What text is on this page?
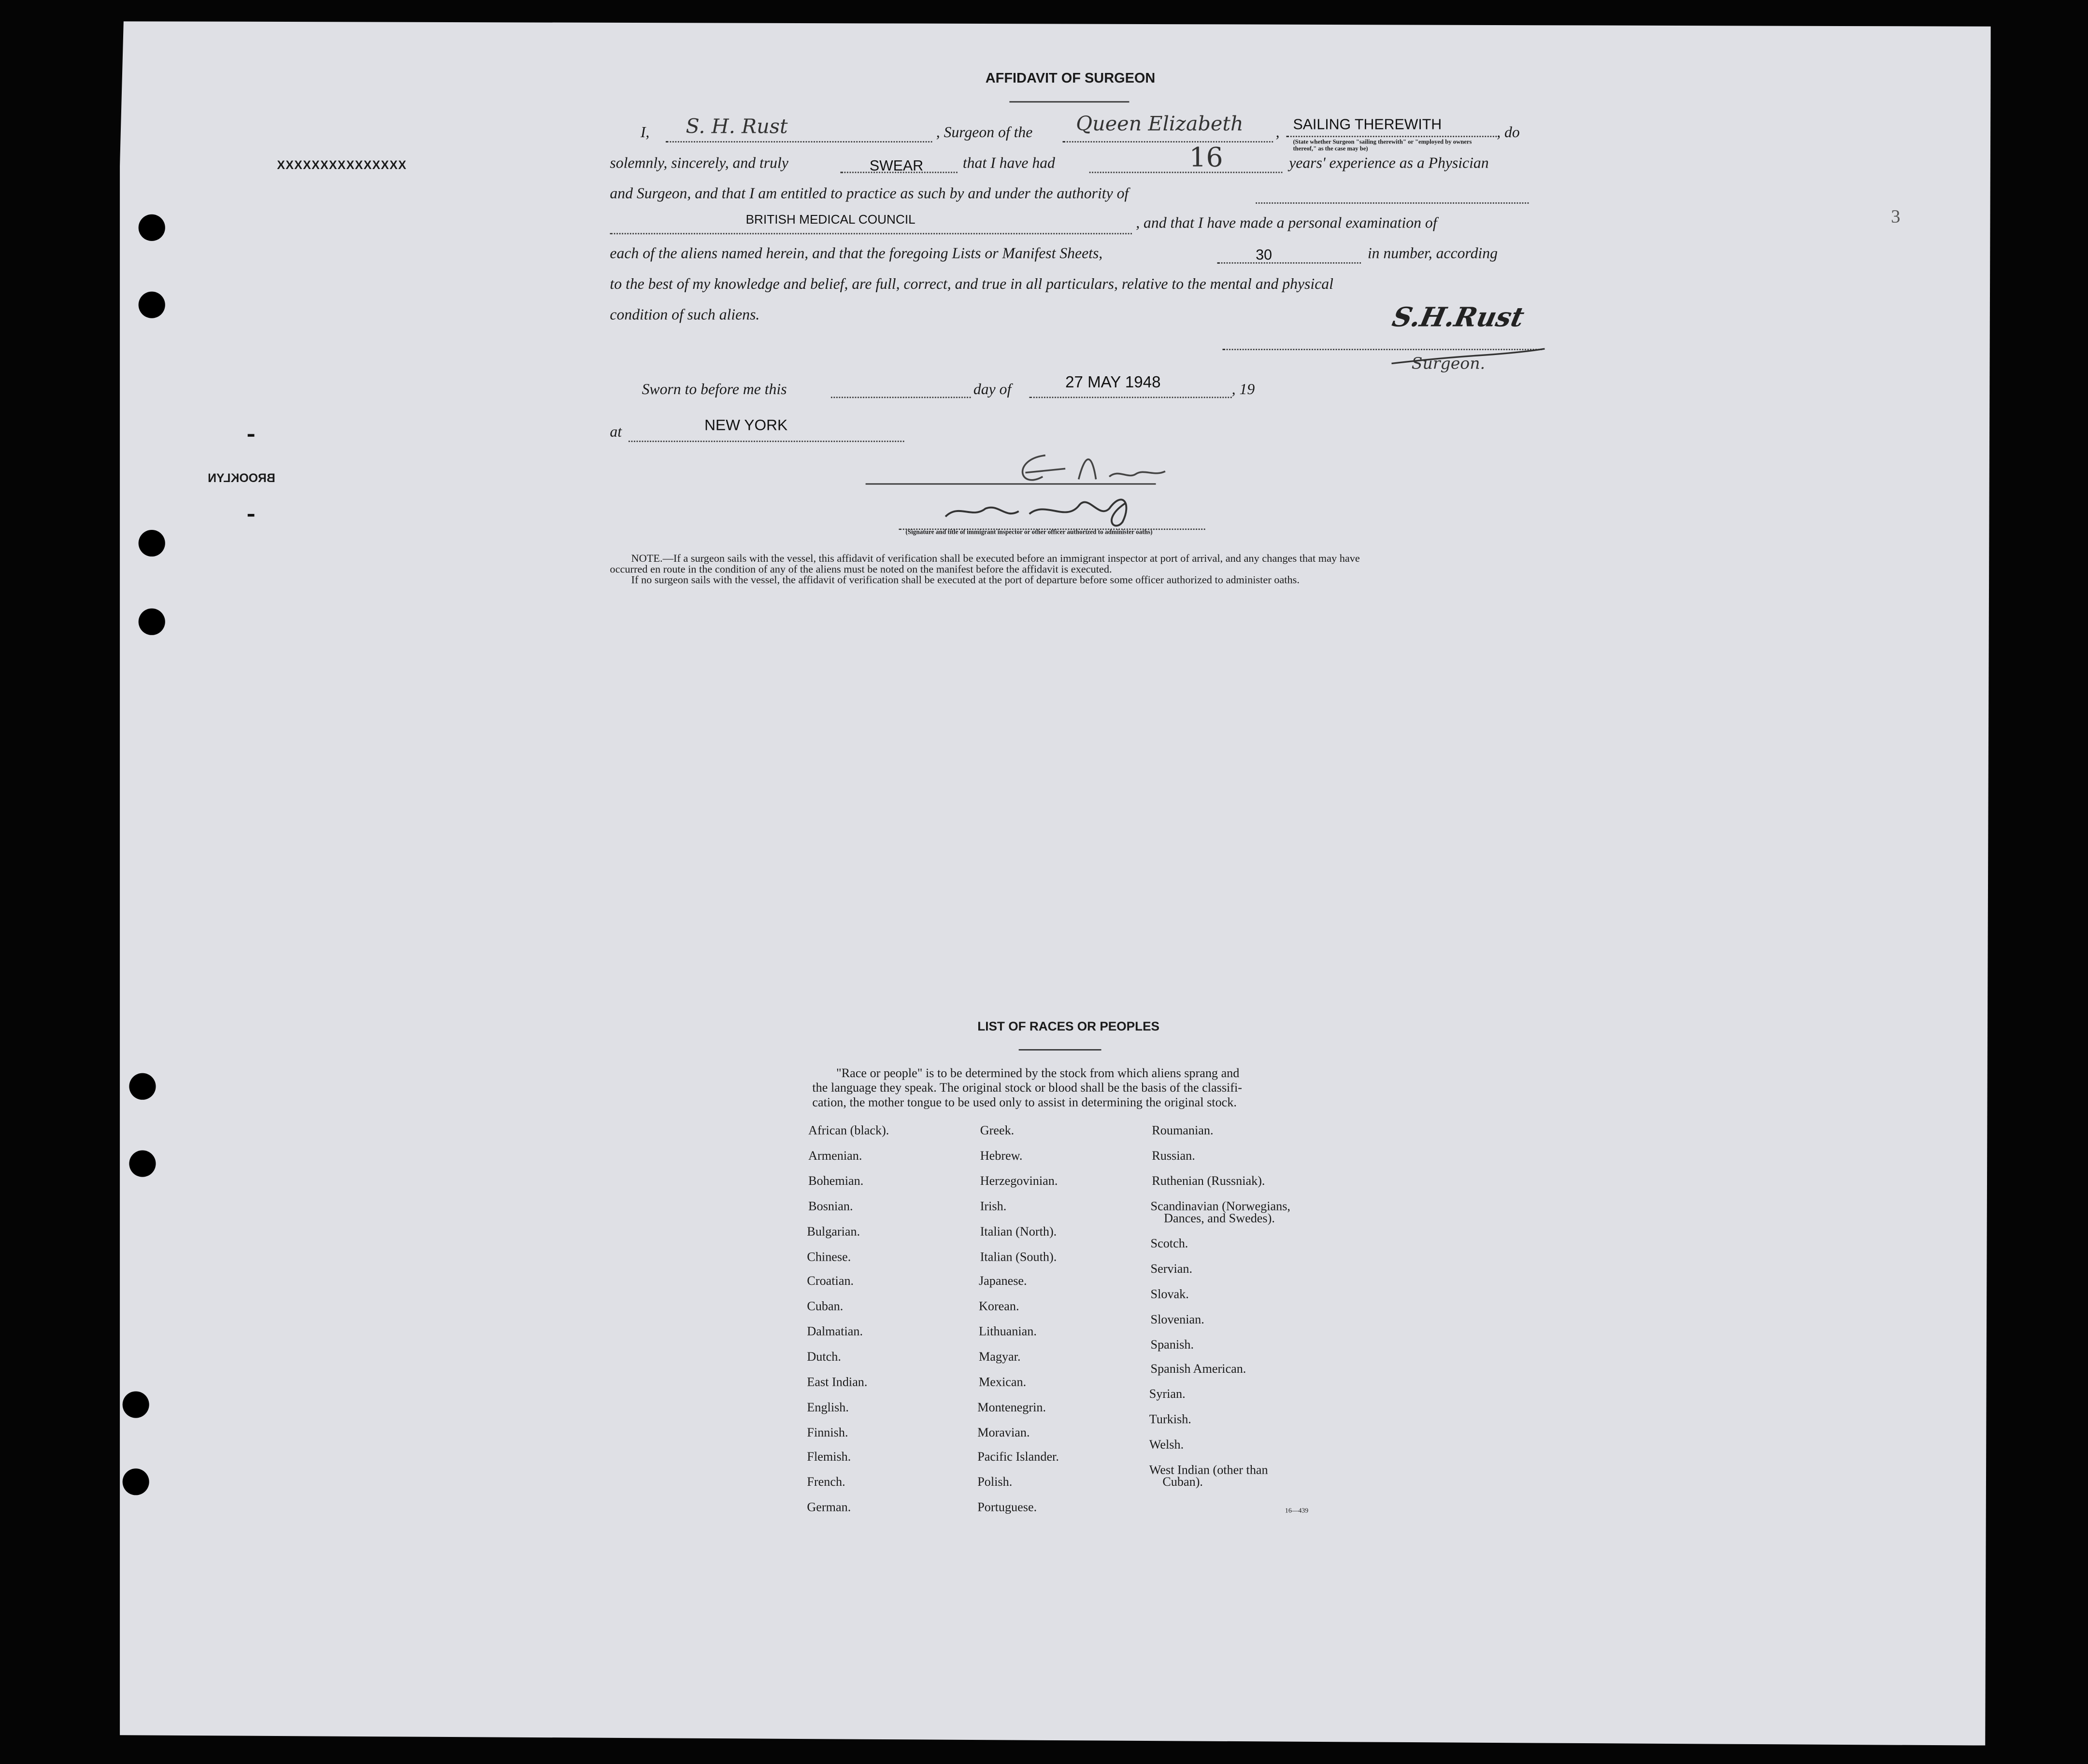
XXXXXXXXXXXXXXX
3
BROOKLYN
AFFIDAVIT OF SURGEON
I,	S. H. Rust	, Surgeon of the	Queen Elizabeth	,	SAILING THEREWITH
(State whether Surgeon "sailing therewith" or "employed by owners thereof," as the case may be)
, do
solemnly, sincerely, and truly	SWEAR	that I have had	16	years' experience as a Physician
and Surgeon, and that I am entitled to practice as such by and under the authority of
BRITISH MEDICAL COUNCIL	, and that I have made a personal examination of
each of the aliens named herein, and that the foregoing Lists or Manifest Sheets,	30	in number, according
to the best of my knowledge and belief, are full, correct, and true in all particulars, relative to the mental and physical
condition of such aliens.	S.H.Rust
Surgeon.
Sworn to before me this	day of	27 MAY 1948	, 19
at	NEW YORK
(Signature and title of immigrant inspector or other officer authorized to administer oaths)
NOTE.—If a surgeon sails with the vessel, this affidavit of verification shall be executed before an immigrant inspector at port of arrival, and any changes that may have
occurred en route in the condition of any of the aliens must be noted on the manifest before the affidavit is executed.
If no surgeon sails with the vessel, the affidavit of verification shall be executed at the port of departure before some officer authorized to administer oaths.
LIST OF RACES OR PEOPLES
"Race or people" is to be determined by the stock from which aliens sprang and
the language they speak. The original stock or blood shall be the basis of the classifi-
cation, the mother tongue to be used only to assist in determining the original stock.
African (black).
Armenian.
Bohemian.
Bosnian.
Bulgarian.
Chinese.
Croatian.
Cuban.
Dalmatian.
Dutch.
East Indian.
English.
Finnish.
Flemish.
French.
German.
Greek.
Hebrew.
Herzegovinian.
Irish.
Italian (North).
Italian (South).
Japanese.
Korean.
Lithuanian.
Magyar.
Mexican.
Montenegrin.
Moravian.
Pacific Islander.
Polish.
Portuguese.
Roumanian.
Russian.
Ruthenian (Russniak).
Scandinavian (Norwegians,
Dances, and Swedes).
Scotch.
Servian.
Slovak.
Slovenian.
Spanish.
Spanish American.
Syrian.
Turkish.
Welsh.
West Indian (other than
Cuban).
16—439
